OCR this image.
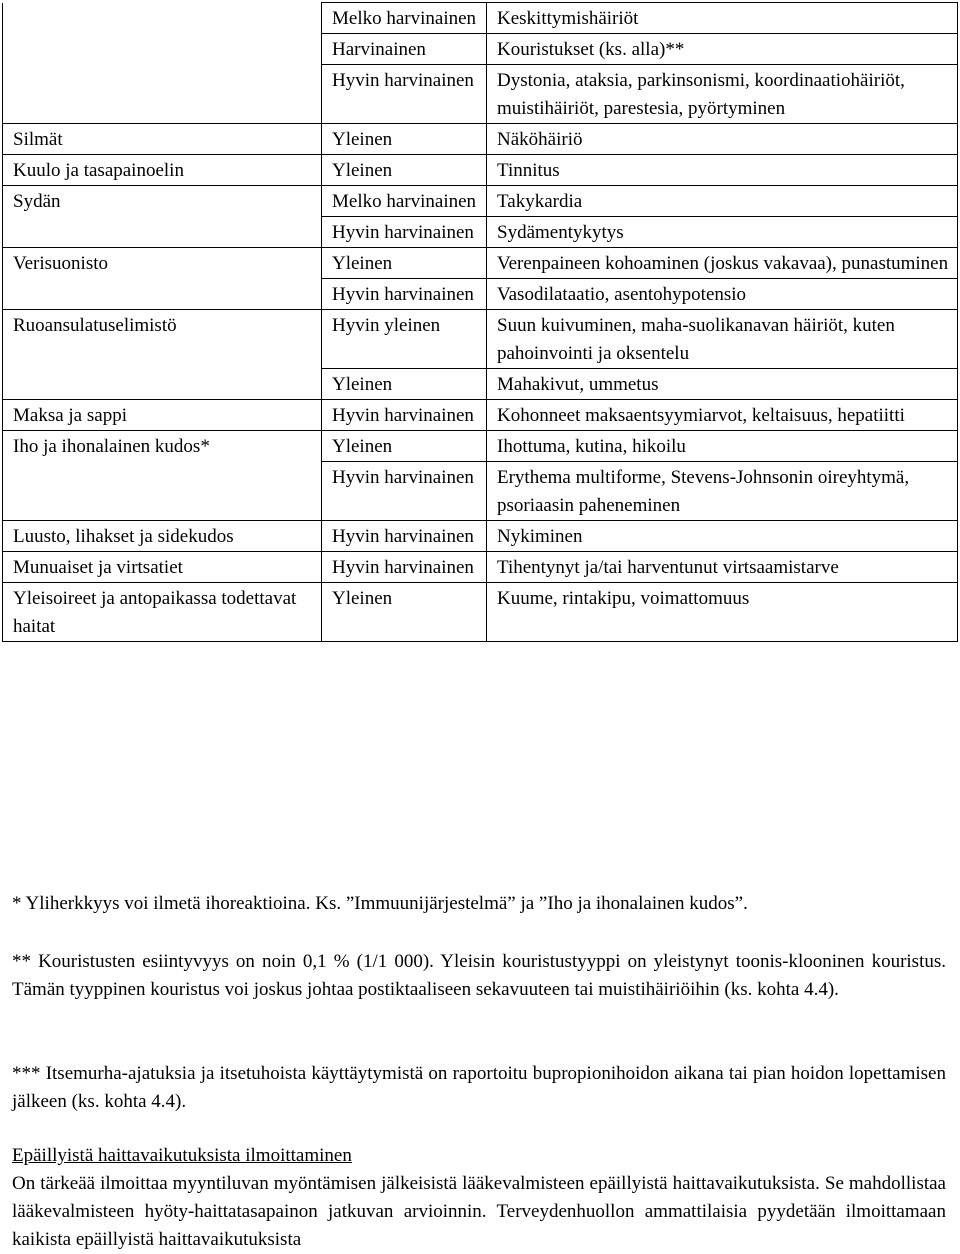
	Melko harvinainen	Keskittymishäiriöt
	Harvinainen	Kouristukset (ks. alla)**
	Hyvin harvinainen	Dystonia, ataksia, parkinsonismi, koordinaatiohäiriöt, muistihäiriöt, parestesia, pyörtyminen
Silmät	Yleinen	Näköhäiriö
Kuulo ja tasapainoelin	Yleinen	Tinnitus
Sydän	Melko harvinainen	Takykardia
	Hyvin harvinainen	Sydämentykytys
Verisuonisto	Yleinen	Verenpaineen kohoaminen (joskus vakavaa), punastuminen
	Hyvin harvinainen	Vasodilataatio, asentohypotensio
Ruoansulatuselimistö	Hyvin yleinen	Suun kuivuminen, maha-suolikanavan häiriöt, kuten pahoinvointi ja oksentelu
	Yleinen	Mahakivut, ummetus
Maksa ja sappi	Hyvin harvinainen	Kohonneet maksaentsyymiarvot, keltaisuus, hepatiitti
Iho ja ihonalainen kudos*	Yleinen	Ihottuma, kutina, hikoilu
	Hyvin harvinainen	Erythema multiforme, Stevens-Johnsonin oireyhtymä, psoriaasin paheneminen
Luusto, lihakset ja sidekudos	Hyvin harvinainen	Nykiminen
Munuaiset ja virtsatiet	Hyvin harvinainen	Tihentynyt ja/tai harventunut virtsaamistarve
Yleisoireet ja antopaikassa todettavat haitat	Yleinen	Kuume, rintakipu, voimattomuus

* Yliherkkyys voi ilmetä ihoreaktioina. Ks. ”Immuunijärjestelmä” ja ”Iho ja ihonalainen kudos”.

** Kouristusten esiintyvyys on noin 0,1 % (1/1 000). Yleisin kouristustyyppi on yleistynyt toonis-klooninen kouristus. Tämän tyyppinen kouristus voi joskus johtaa postiktaaliseen sekavuuteen tai muistihäiriöihin (ks. kohta 4.4).

*** Itsemurha-ajatuksia ja itsetuhoista käyttäytymistä on raportoitu bupropionihoidon aikana tai pian hoidon lopettamisen jälkeen (ks. kohta 4.4).

Epäillyistä haittavaikutuksista ilmoittaminen

On tärkeää ilmoittaa myyntiluvan myöntämisen jälkeisistä lääkevalmisteen epäillyistä haittavaikutuksista. Se mahdollistaa lääkevalmisteen hyöty-haittatasapainon jatkuvan arvioinnin. Terveydenhuollon ammattilaisia pyydetään ilmoittamaan kaikista epäillyistä haittavaikutuksista
